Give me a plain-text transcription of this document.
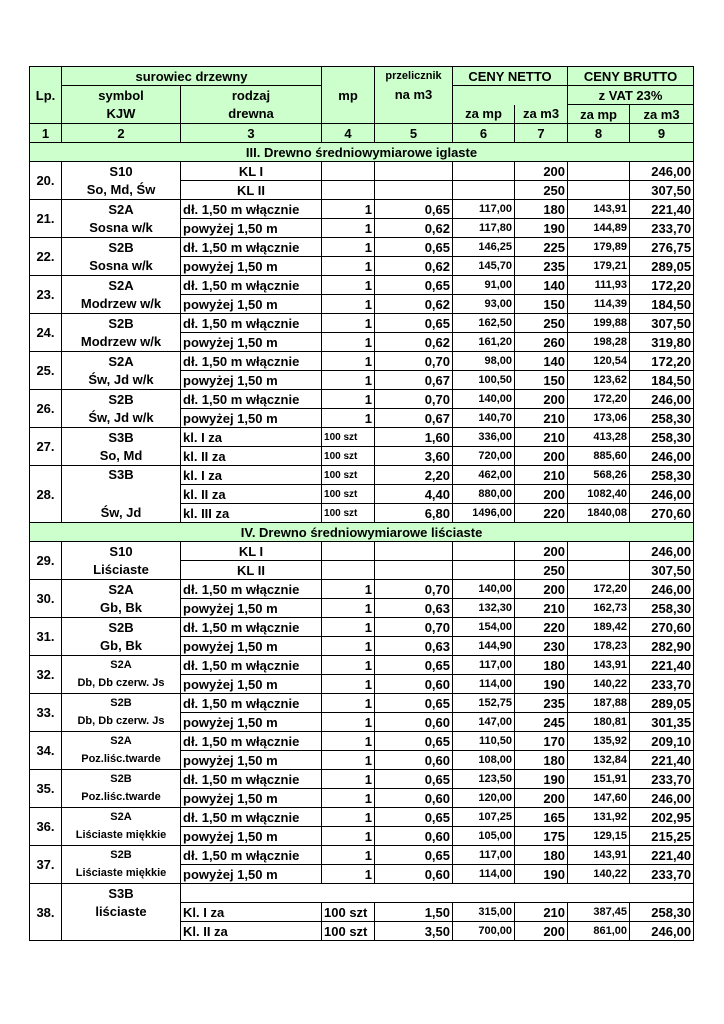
Lp.	surowiec drzewny		mp	przelicznik	CENY NETTO		CENY BRUTTO	
	symbol	rodzaj		na m3			z VAT 23%	
	KJW	drewna			za mp	za m3	za mp	za m3
1	2	3	4	5	6	7	8	9
III. Drewno średniowymiarowe iglaste								
20.	S10	KL I				200		246,00
	So, Md, Św	KL II				250		307,50
21.	S2A	dł. 1,50 m włącznie	1	0,65	117,00	180	143,91	221,40
	Sosna w/k	powyżej 1,50 m	1	0,62	117,80	190	144,89	233,70
22.	S2B	dł. 1,50 m włącznie	1	0,65	146,25	225	179,89	276,75
	Sosna w/k	powyżej 1,50 m	1	0,62	145,70	235	179,21	289,05
23.	S2A	dł. 1,50 m włącznie	1	0,65	91,00	140	111,93	172,20
	Modrzew w/k	powyżej 1,50 m	1	0,62	93,00	150	114,39	184,50
24.	S2B	dł. 1,50 m włącznie	1	0,65	162,50	250	199,88	307,50
	Modrzew w/k	powyżej 1,50 m	1	0,62	161,20	260	198,28	319,80
25.	S2A	dł. 1,50 m włącznie	1	0,70	98,00	140	120,54	172,20
	Św, Jd w/k	powyżej 1,50 m	1	0,67	100,50	150	123,62	184,50
26.	S2B	dł. 1,50 m włącznie	1	0,70	140,00	200	172,20	246,00
	Św, Jd w/k	powyżej 1,50 m	1	0,67	140,70	210	173,06	258,30
27.	S3B	kl. I za	100 szt	1,60	336,00	210	413,28	258,30
	So, Md	kl. II za	100 szt	3,60	720,00	200	885,60	246,00
28.	S3B	kl. I za	100 szt	2,20	462,00	210	568,26	258,30
		kl. II za	100 szt	4,40	880,00	200	1082,40	246,00
	Św, Jd	kl. III za	100 szt	6,80	1496,00	220	1840,08	270,60
IV. Drewno średniowymiarowe liściaste								
29.	S10	KL I				200		246,00
	Liściaste	KL II				250		307,50
30.	S2A	dł. 1,50 m włącznie	1	0,70	140,00	200	172,20	246,00
	Gb, Bk	powyżej 1,50 m	1	0,63	132,30	210	162,73	258,30
31.	S2B	dł. 1,50 m włącznie	1	0,70	154,00	220	189,42	270,60
	Gb, Bk	powyżej 1,50 m	1	0,63	144,90	230	178,23	282,90
32.	S2A	dł. 1,50 m włącznie	1	0,65	117,00	180	143,91	221,40
	Db, Db czerw. Js	powyżej 1,50 m	1	0,60	114,00	190	140,22	233,70
33.	S2B	dł. 1,50 m włącznie	1	0,65	152,75	235	187,88	289,05
	Db, Db czerw. Js	powyżej 1,50 m	1	0,60	147,00	245	180,81	301,35
34.	S2A	dł. 1,50 m włącznie	1	0,65	110,50	170	135,92	209,10
	Poz.liśc.twarde	powyżej 1,50 m	1	0,60	108,00	180	132,84	221,40
35.	S2B	dł. 1,50 m włącznie	1	0,65	123,50	190	151,91	233,70
	Poz.liśc.twarde	powyżej 1,50 m	1	0,60	120,00	200	147,60	246,00
36.	S2A	dł. 1,50 m włącznie	1	0,65	107,25	165	131,92	202,95
	Liściaste miękkie	powyżej 1,50 m	1	0,60	105,00	175	129,15	215,25
37.	S2B	dł. 1,50 m włącznie	1	0,65	117,00	180	143,91	221,40
	Liściaste miękkie	powyżej 1,50 m	1	0,60	114,00	190	140,22	233,70
38.	S3B							
	liściaste	Kl. I za	100 szt	1,50	315,00	210	387,45	258,30
		Kl. II za	100 szt	3,50	700,00	200	861,00	246,00
